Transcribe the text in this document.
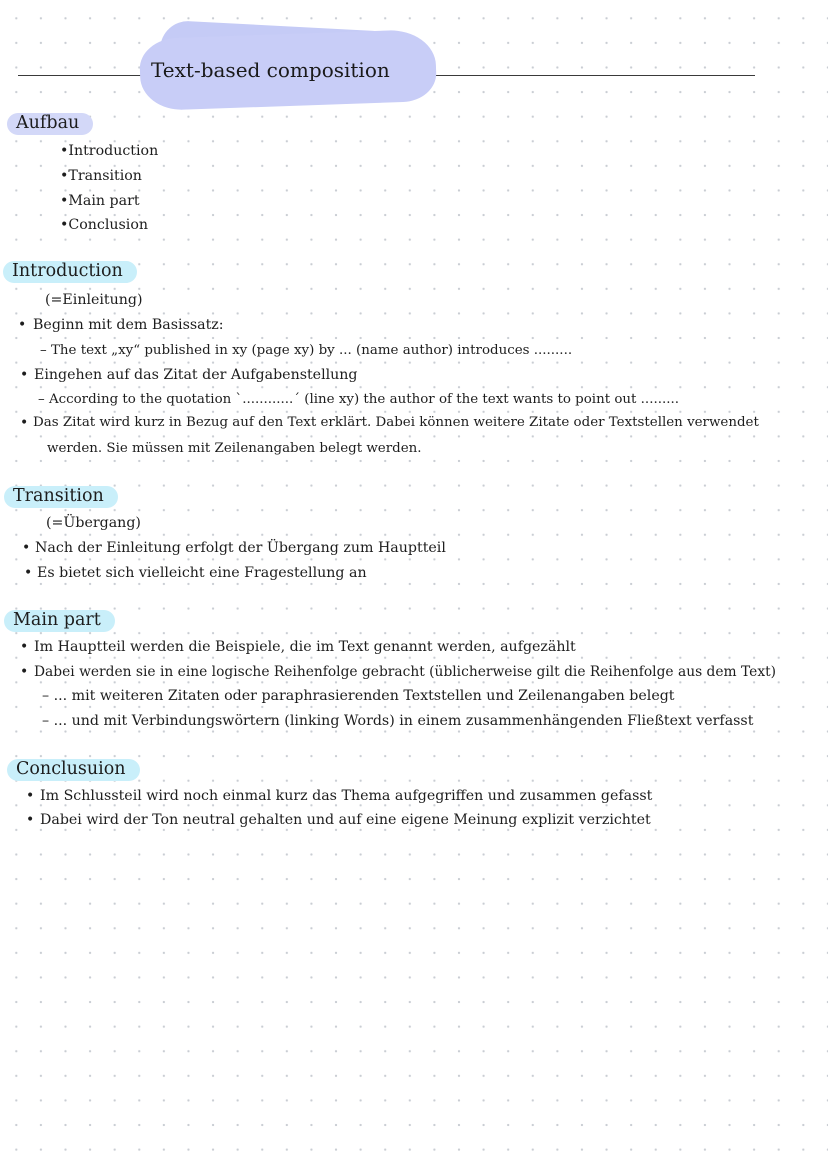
Text-based composition
Aufbau
•Introduction
•Transition
•Main part
•Conclusion
Introduction
(=Einleitung)
• Beginn mit dem Basissatz:
– The text „xy“ published in xy (page xy) by ... (name author) introduces .........
• Eingehen auf das Zitat der Aufgabenstellung
– According to the quotation `............´ (line xy) the author of the text wants to point out .........
• Das Zitat wird kurz in Bezug auf den Text erklärt. Dabei können weitere Zitate oder Textstellen verwendet
werden. Sie müssen mit Zeilenangaben belegt werden.
Transition
(=Übergang)
• Nach der Einleitung erfolgt der Übergang zum Hauptteil
• Es bietet sich vielleicht eine Fragestellung an
Main part
• Im Hauptteil werden die Beispiele, die im Text genannt werden, aufgezählt
• Dabei werden sie in eine logische Reihenfolge gebracht (üblicherweise gilt die Reihenfolge aus dem Text)
– ... mit weiteren Zitaten oder paraphrasierenden Textstellen und Zeilenangaben belegt
– ... und mit Verbindungswörtern (linking Words) in einem zusammenhängenden Fließtext verfasst
Conclusuion
• Im Schlussteil wird noch einmal kurz das Thema aufgegriffen und zusammen gefasst
• Dabei wird der Ton neutral gehalten und auf eine eigene Meinung explizit verzichtet
